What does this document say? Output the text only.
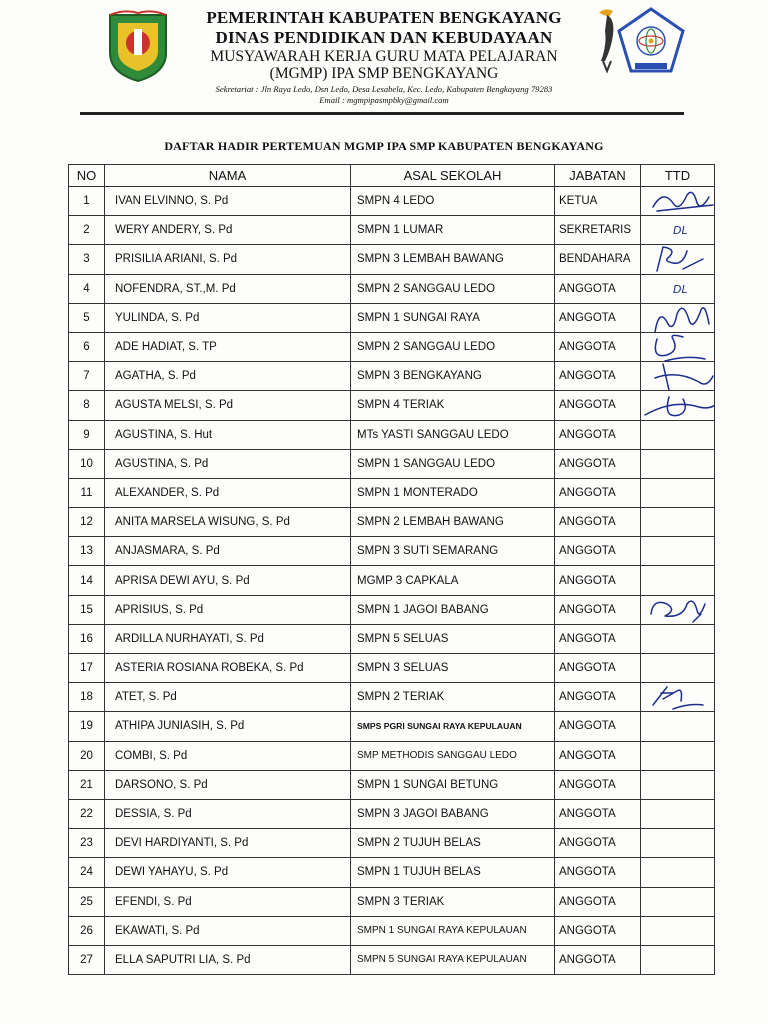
PEMERINTAH KABUPATEN BENGKAYANG
DINAS PENDIDIKAN DAN KEBUDAYAAN
MUSYAWARAH KERJA GURU MATA PELAJARAN
(MGMP) IPA SMP BENGKAYANG
Sekretariat : Jln Raya Ledo, Dsn Ledo, Desa Lesabela, Kec. Ledo, Kabupaten Bengkayang 79283
Email : mgmpipasmpbky@gmail.com
DAFTAR HADIR PERTEMUAN MGMP IPA SMP KABUPATEN BENGKAYANG
NO	NAMA	ASAL SEKOLAH	JABATAN	TTD
1	IVAN ELVINNO, S. Pd	SMPN 4 LEDO	KETUA	

2	WERY ANDERY, S. Pd	SMPN 1 LUMAR	SEKRETARIS	DL

3	PRISILIA ARIANI, S. Pd	SMPN 3 LEMBAH BAWANG	BENDAHARA	

4	NOFENDRA, ST.,M. Pd	SMPN 2 SANGGAU LEDO	ANGGOTA	DL

5	YULINDA, S. Pd	SMPN 1 SUNGAI RAYA	ANGGOTA	

6	ADE HADIAT, S. TP	SMPN 2 SANGGAU LEDO	ANGGOTA	

7	AGATHA, S. Pd	SMPN 3 BENGKAYANG	ANGGOTA	

8	AGUSTA MELSI, S. Pd	SMPN 4 TERIAK	ANGGOTA	

9	AGUSTINA, S. Hut	MTs YASTI SANGGAU LEDO	ANGGOTA	
10	AGUSTINA, S. Pd	SMPN 1 SANGGAU LEDO	ANGGOTA	
11	ALEXANDER, S. Pd	SMPN 1 MONTERADO	ANGGOTA	
12	ANITA MARSELA WISUNG, S. Pd	SMPN 2 LEMBAH BAWANG	ANGGOTA	
13	ANJASMARA, S. Pd	SMPN 3 SUTI SEMARANG	ANGGOTA	
14	APRISA DEWI AYU, S. Pd	MGMP 3 CAPKALA	ANGGOTA	
15	APRISIUS, S. Pd	SMPN 1 JAGOI BABANG	ANGGOTA	

16	ARDILLA NURHAYATI, S. Pd	SMPN 5 SELUAS	ANGGOTA	
17	ASTERIA ROSIANA ROBEKA, S. Pd	SMPN 3 SELUAS	ANGGOTA	
18	ATET, S. Pd	SMPN 2 TERIAK	ANGGOTA	

19	ATHIPA JUNIASIH, S. Pd	SMPS PGRI SUNGAI RAYA KEPULAUAN	ANGGOTA	
20	COMBI, S. Pd	SMP METHODIS SANGGAU LEDO	ANGGOTA	
21	DARSONO, S. Pd	SMPN 1 SUNGAI BETUNG	ANGGOTA	
22	DESSIA, S. Pd	SMPN 3 JAGOI BABANG	ANGGOTA	
23	DEVI HARDIYANTI, S. Pd	SMPN 2 TUJUH BELAS	ANGGOTA	
24	DEWI YAHAYU, S. Pd	SMPN 1 TUJUH BELAS	ANGGOTA	
25	EFENDI, S. Pd	SMPN 3 TERIAK	ANGGOTA	
26	EKAWATI, S. Pd	SMPN 1 SUNGAI RAYA KEPULAUAN	ANGGOTA	
27	ELLA SAPUTRI LIA, S. Pd	SMPN 5 SUNGAI RAYA KEPULAUAN	ANGGOTA	
